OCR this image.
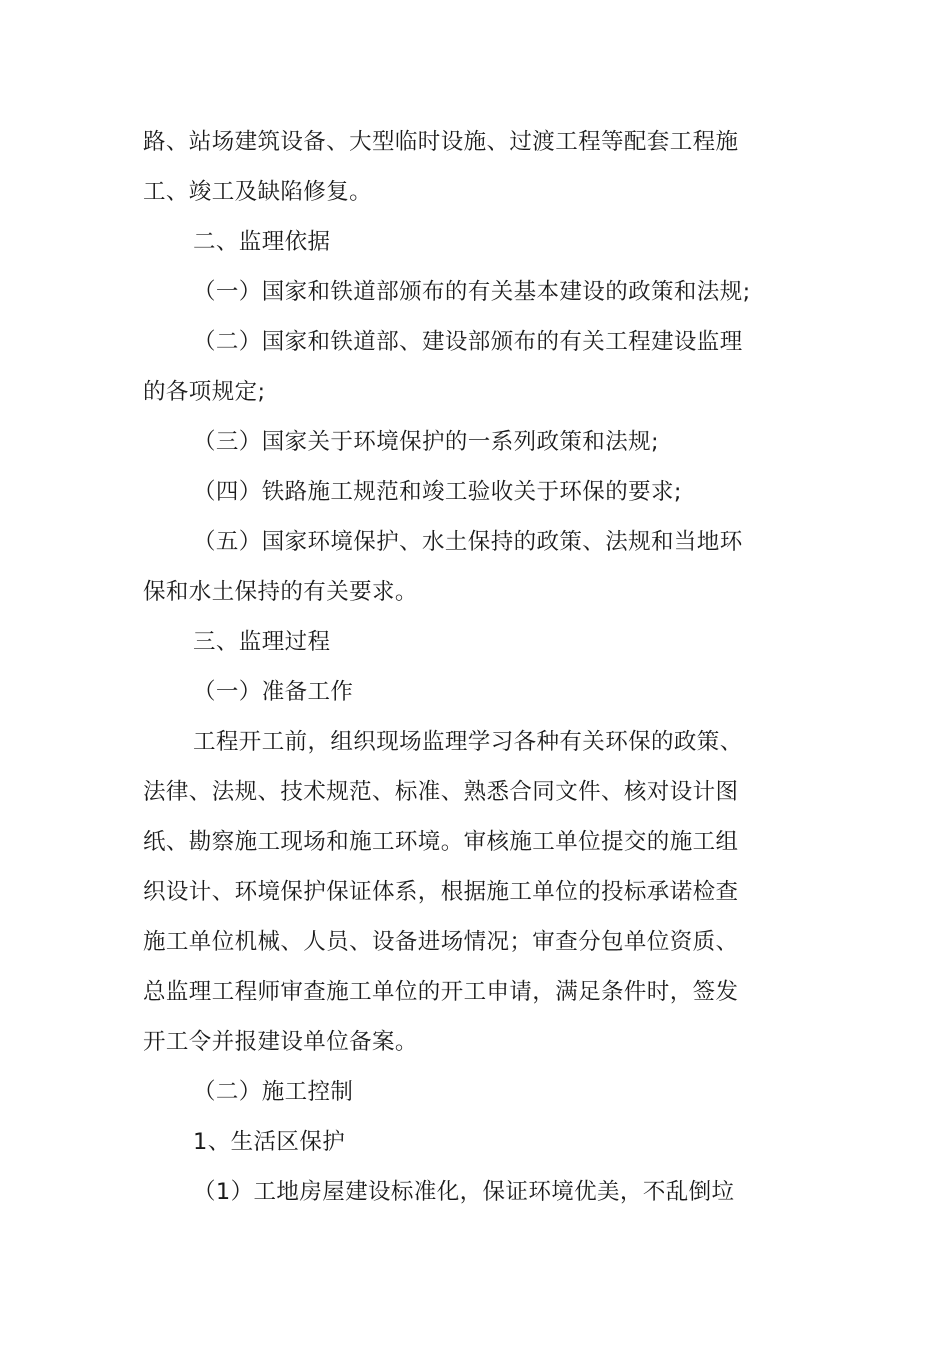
路、站场建筑设备、大型临时设施、过渡工程等配套工程施
工、竣工及缺陷修复。
二、监理依据
（一）国家和铁道部颁布的有关基本建设的政策和法规;
（二）国家和铁道部、建设部颁布的有关工程建设监理
的各项规定;
（三）国家关于环境保护的一系列政策和法规;
（四）铁路施工规范和竣工验收关于环保的要求;
（五）国家环境保护、水土保持的政策、法规和当地环
保和水土保持的有关要求。
三、监理过程
（一）准备工作
工程开工前，组织现场监理学习各种有关环保的政策、
法律、法规、技术规范、标准、熟悉合同文件、核对设计图
纸、勘察施工现场和施工环境。审核施工单位提交的施工组
织设计、环境保护保证体系，根据施工单位的投标承诺检查
施工单位机械、人员、设备进场情况；审查分包单位资质、
总监理工程师审查施工单位的开工申请，满足条件时，签发
开工令并报建设单位备案。
（二）施工控制
1、生活区保护
（1）工地房屋建设标准化，保证环境优美，不乱倒垃
